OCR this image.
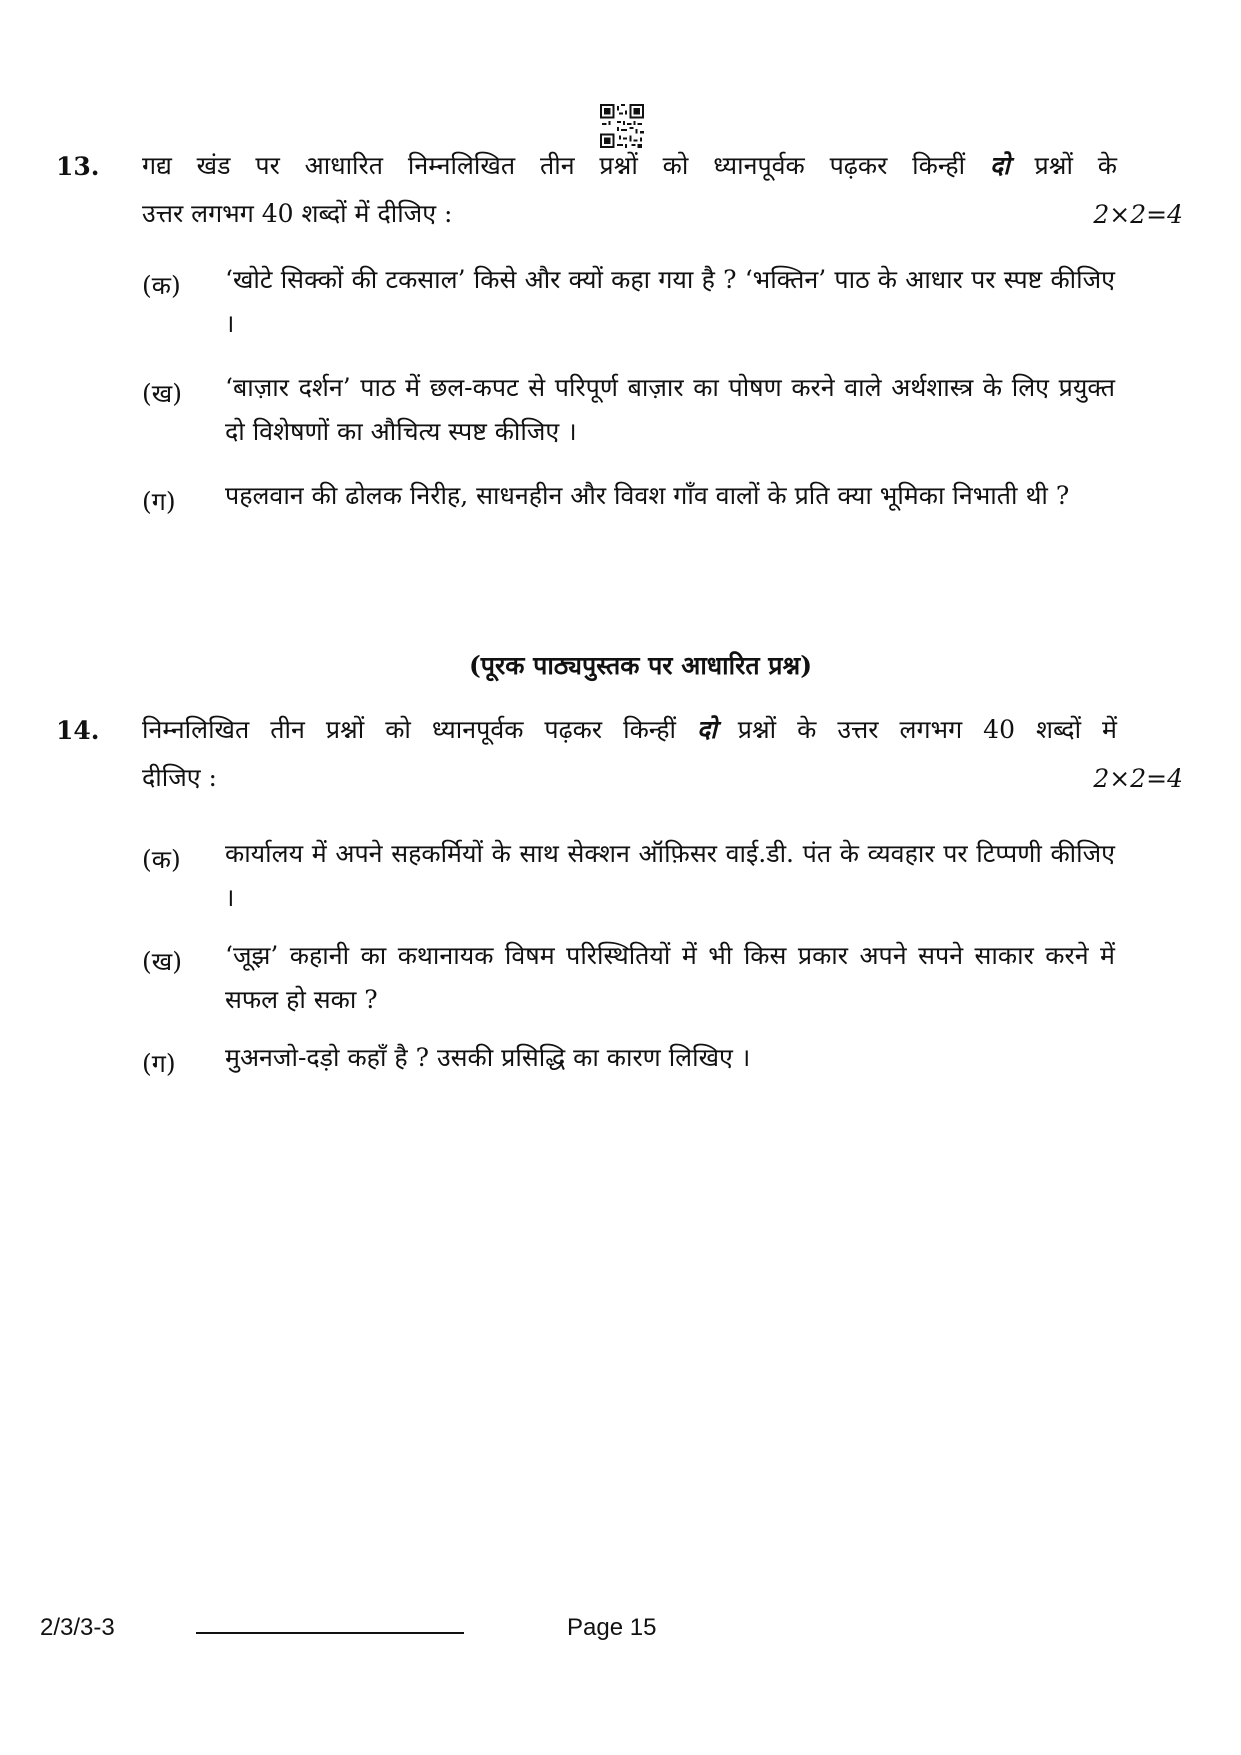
13. गद्य खंड पर आधारित निम्नलिखित तीन प्रश्नों को ध्यानपूर्वक पढ़कर किन्हीं दो प्रश्नों के
उत्तर लगभग 40 शब्दों में दीजिए :	2×2=4
(क) ‘खोटे सिक्कों की टकसाल’ किसे और क्यों कहा गया है ? ‘भक्तिन’ पाठ के आधार पर स्पष्ट कीजिए ।
(ख) ‘बाज़ार दर्शन’ पाठ में छल-कपट से परिपूर्ण बाज़ार का पोषण करने वाले अर्थशास्त्र के लिए प्रयुक्त दो विशेषणों का औचित्य स्पष्ट कीजिए ।
(ग) पहलवान की ढोलक निरीह, साधनहीन और विवश गाँव वालों के प्रति क्या भूमिका निभाती थी ?
(पूरक पाठ्यपुस्तक पर आधारित प्रश्न)
14. निम्नलिखित तीन प्रश्नों को ध्यानपूर्वक पढ़कर किन्हीं दो प्रश्नों के उत्तर लगभग 40 शब्दों में
दीजिए :	2×2=4
(क) कार्यालय में अपने सहकर्मियों के साथ सेक्शन ऑफ़िसर वाई.डी. पंत के व्यवहार पर टिप्पणी कीजिए ।
(ख) ‘जूझ’ कहानी का कथानायक विषम परिस्थितियों में भी किस प्रकार अपने सपने साकार करने में सफल हो सका ?
(ग) मुअनजो-दड़ो कहाँ है ? उसकी प्रसिद्धि का कारण लिखिए ।
2/3/3-3	Page 15
